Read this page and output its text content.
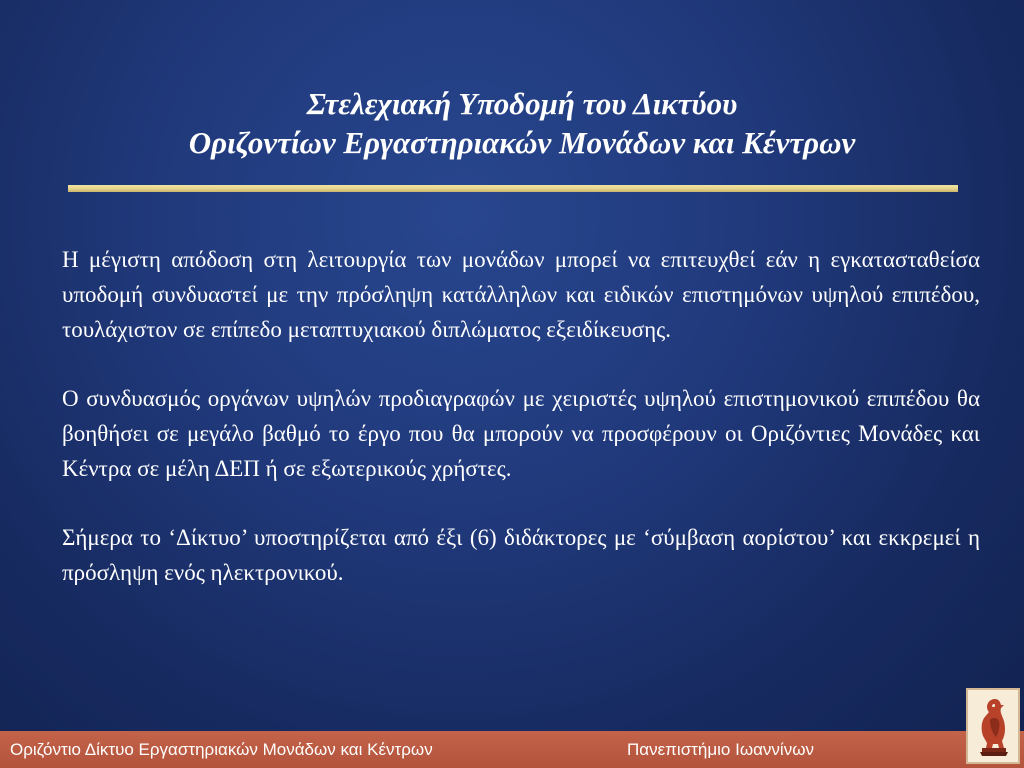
Στελεχιακή Υποδομή του Δικτύου
Οριζοντίων Εργαστηριακών Μονάδων και Κέντρων

Η μέγιστη απόδοση στη λειτουργία των μονάδων μπορεί να επιτευχθεί εάν η εγκατασταθείσα υποδομή συνδυαστεί με την πρόσληψη κατάλληλων και ειδικών επιστημόνων υψηλού επιπέδου, τουλάχιστον σε επίπεδο μεταπτυχιακού διπλώματος εξειδίκευσης.

Ο συνδυασμός οργάνων υψηλών προδιαγραφών με χειριστές υψηλού επιστημονικού επιπέδου θα βοηθήσει σε μεγάλο βαθμό το έργο που θα μπορούν να προσφέρουν οι Οριζόντιες Μονάδες και Κέντρα σε μέλη ΔΕΠ ή σε εξωτερικούς χρήστες.

Σήμερα το ‘Δίκτυο’ υποστηρίζεται από έξι (6) διδάκτορες με ‘σύμβαση αορίστου’ και εκκρεμεί η πρόσληψη ενός ηλεκτρονικού.

Οριζόντιο Δίκτυο Εργαστηριακών Μονάδων και Κέντρων	Πανεπιστήμιο Ιωαννίνων
